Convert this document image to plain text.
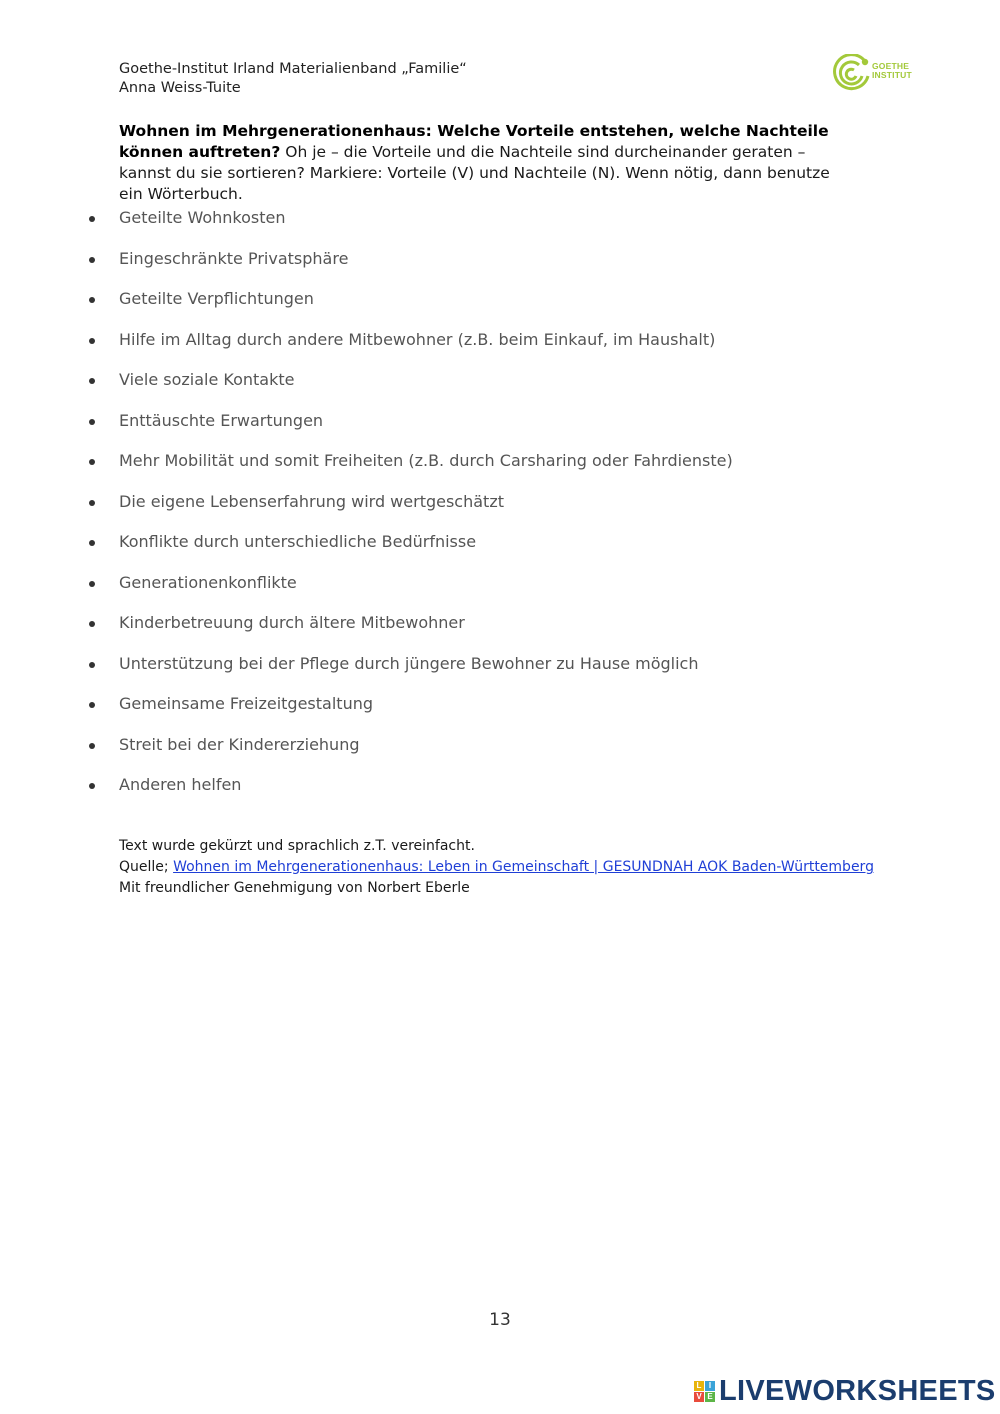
Goethe-Institut Irland Materialienband „Familie“
Anna Weiss-Tuite
GOETHE
INSTITUT
Wohnen im Mehrgenerationenhaus: Welche Vorteile entstehen, welche Nachteile können auftreten? Oh je – die Vorteile und die Nachteile sind durcheinander geraten – kannst du sie sortieren? Markiere: Vorteile (V) und Nachteile (N). Wenn nötig, dann benutze ein Wörterbuch.
Geteilte Wohnkosten
Eingeschränkte Privatsphäre
Geteilte Verpflichtungen
Hilfe im Alltag durch andere Mitbewohner (z.B. beim Einkauf, im Haushalt)
Viele soziale Kontakte
Enttäuschte Erwartungen
Mehr Mobilität und somit Freiheiten (z.B. durch Carsharing oder Fahrdienste)
Die eigene Lebenserfahrung wird wertgeschätzt
Konflikte durch unterschiedliche Bedürfnisse
Generationenkonflikte
Kinderbetreuung durch ältere Mitbewohner
Unterstützung bei der Pflege durch jüngere Bewohner zu Hause möglich
Gemeinsame Freizeitgestaltung
Streit bei der Kindererziehung
Anderen helfen
Text wurde gekürzt und sprachlich z.T. vereinfacht.
Quelle; Wohnen im Mehrgenerationenhaus: Leben in Gemeinschaft | GESUNDNAH AOK Baden-Württemberg
Mit freundlicher Genehmigung von Norbert Eberle
13
L I
V E LIVEWORKSHEETS
